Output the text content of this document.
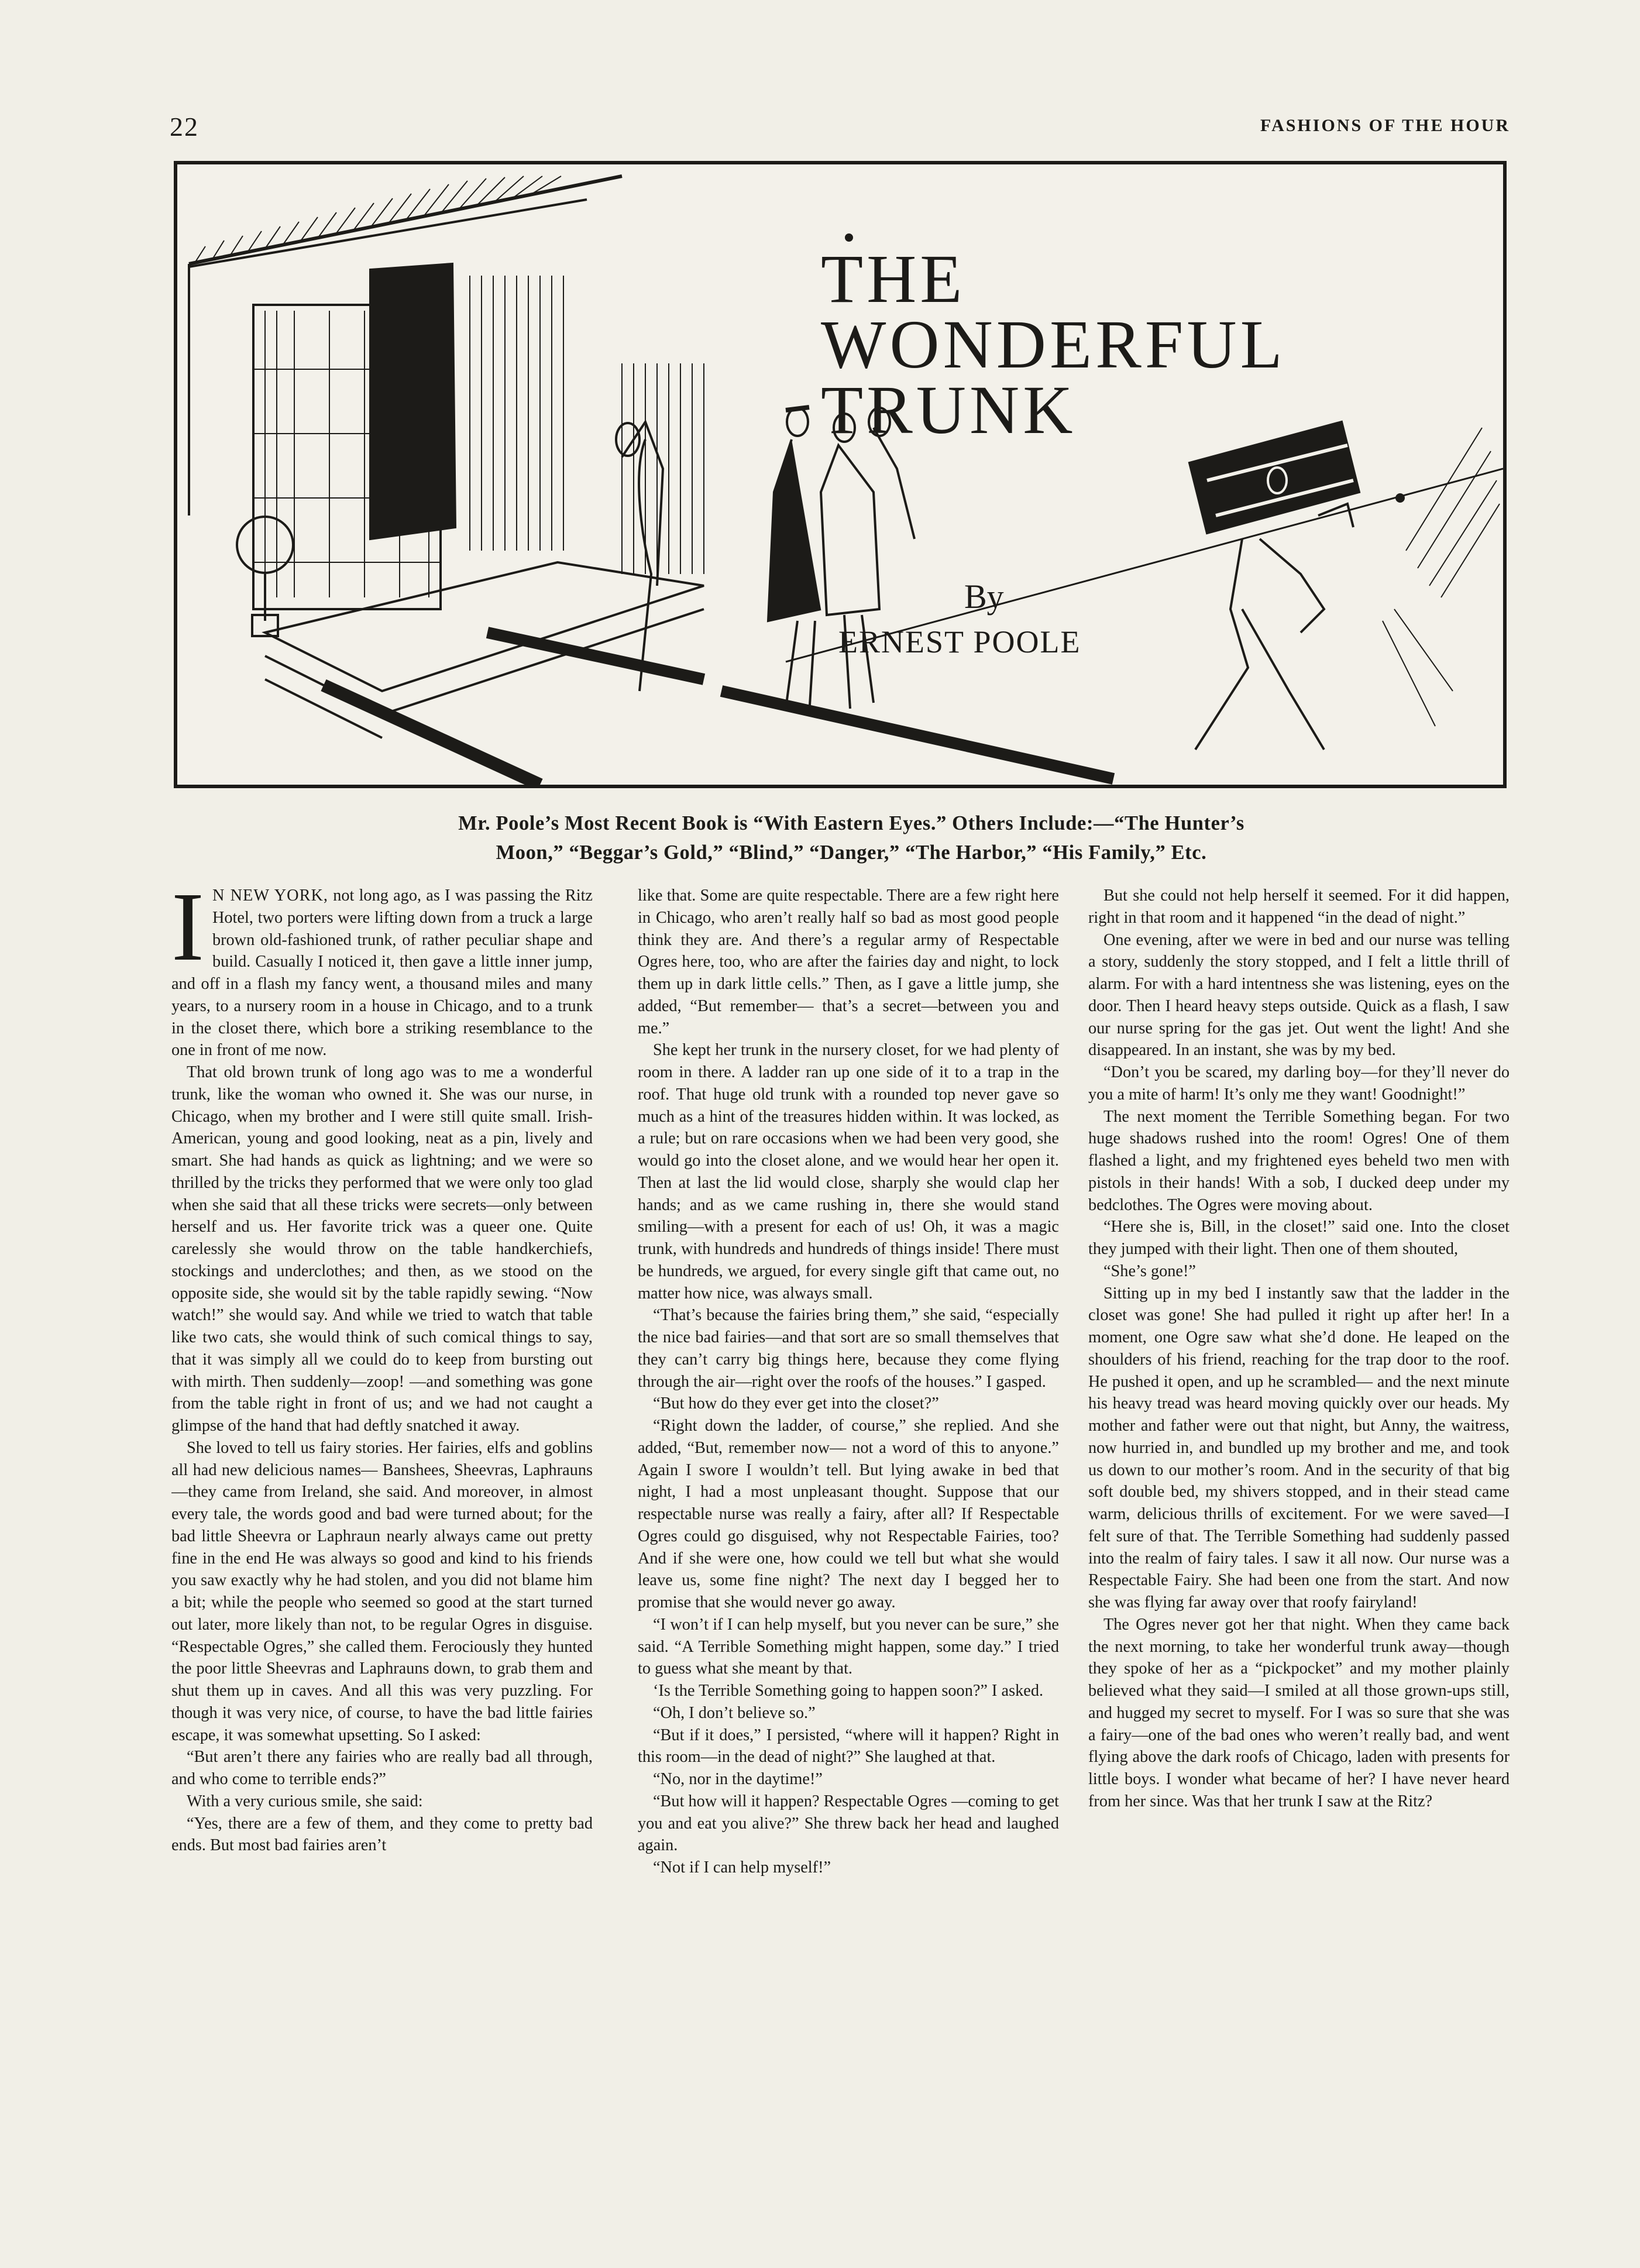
22	FASHIONS OF THE HOUR
THE
WONDERFUL
TRUNK
By
ERNEST POOLE
Mr. Poole’s Most Recent Book is “With Eastern Eyes.” Others Include:—“The Hunter’s
Moon,” “Beggar’s Gold,” “Blind,” “Danger,” “The Harbor,” “His Family,” Etc.

I N NEW YORK, not long ago, as I was passing the Ritz Hotel, two porters were lifting down from a truck a large brown old-fashioned trunk, of rather peculiar shape and build. Casually I noticed it, then gave a little inner jump, and off in a flash my fancy went, a thousand miles and many years, to a nursery room in a house in Chicago, and to a trunk in the closet there, which bore a striking resemblance to the one in front of me now.

That old brown trunk of long ago was to me a wonderful trunk, like the woman who owned it. She was our nurse, in Chicago, when my brother and I were still quite small. Irish-American, young and good looking, neat as a pin, lively and smart. She had hands as quick as lightning; and we were so thrilled by the tricks they performed that we were only too glad when she said that all these tricks were secrets—only between herself and us. Her favorite trick was a queer one. Quite carelessly she would throw on the table handkerchiefs, stockings and underclothes; and then, as we stood on the opposite side, she would sit by the table rapidly sewing. “Now watch!” she would say. And while we tried to watch that table like two cats, she would think of such comical things to say, that it was simply all we could do to keep from bursting out with mirth. Then suddenly—zoop! —and something was gone from the table right in front of us; and we had not caught a glimpse of the hand that had deftly snatched it away.

She loved to tell us fairy stories. Her fairies, elfs and goblins all had new delicious names— Banshees, Sheevras, Laphrauns—they came from Ireland, she said. And moreover, in almost every tale, the words good and bad were turned about; for the bad little Sheevra or Laphraun nearly always came out pretty fine in the end He was always so good and kind to his friends you saw exactly why he had stolen, and you did not blame him a bit; while the people who seemed so good at the start turned out later, more likely than not, to be regular Ogres in disguise. “Respectable Ogres,” she called them. Ferociously they hunted the poor little Sheevras and Laphrauns down, to grab them and shut them up in caves. And all this was very puzzling. For though it was very nice, of course, to have the bad little fairies escape, it was somewhat upsetting. So I asked:

“But aren’t there any fairies who are really bad all through, and who come to terrible ends?”

With a very curious smile, she said:

“Yes, there are a few of them, and they come to pretty bad ends. But most bad fairies aren’t

like that. Some are quite respectable. There are a few right here in Chicago, who aren’t really half so bad as most good people think they are. And there’s a regular army of Respectable Ogres here, too, who are after the fairies day and night, to lock them up in dark little cells.” Then, as I gave a little jump, she added, “But remember— that’s a secret—between you and me.”

She kept her trunk in the nursery closet, for we had plenty of room in there. A ladder ran up one side of it to a trap in the roof. That huge old trunk with a rounded top never gave so much as a hint of the treasures hidden within. It was locked, as a rule; but on rare occasions when we had been very good, she would go into the closet alone, and we would hear her open it. Then at last the lid would close, sharply she would clap her hands; and as we came rushing in, there she would stand smiling—with a present for each of us! Oh, it was a magic trunk, with hundreds and hundreds of things inside! There must be hundreds, we argued, for every single gift that came out, no matter how nice, was always small.

“That’s because the fairies bring them,” she said, “especially the nice bad fairies—and that sort are so small themselves that they can’t carry big things here, because they come flying through the air—right over the roofs of the houses.” I gasped.

“But how do they ever get into the closet?”

“Right down the ladder, of course,” she replied. And she added, “But, remember now— not a word of this to anyone.” Again I swore I wouldn’t tell. But lying awake in bed that night, I had a most unpleasant thought. Suppose that our respectable nurse was really a fairy, after all? If Respectable Ogres could go disguised, why not Respectable Fairies, too? And if she were one, how could we tell but what she would leave us, some fine night? The next day I begged her to promise that she would never go away.

“I won’t if I can help myself, but you never can be sure,” she said. “A Terrible Something might happen, some day.” I tried to guess what she meant by that.

‘Is the Terrible Something going to happen soon?” I asked.

“Oh, I don’t believe so.”

“But if it does,” I persisted, “where will it happen? Right in this room—in the dead of night?” She laughed at that.

“No, nor in the daytime!”

“But how will it happen? Respectable Ogres —coming to get you and eat you alive?” She threw back her head and laughed again.

“Not if I can help myself!”

But she could not help herself it seemed. For it did happen, right in that room and it happened “in the dead of night.”

One evening, after we were in bed and our nurse was telling a story, suddenly the story stopped, and I felt a little thrill of alarm. For with a hard intentness she was listening, eyes on the door. Then I heard heavy steps outside. Quick as a flash, I saw our nurse spring for the gas jet. Out went the light! And she disappeared. In an instant, she was by my bed.

“Don’t you be scared, my darling boy—for they’ll never do you a mite of harm! It’s only me they want! Goodnight!”

The next moment the Terrible Something began. For two huge shadows rushed into the room! Ogres! One of them flashed a light, and my frightened eyes beheld two men with pistols in their hands! With a sob, I ducked deep under my bedclothes. The Ogres were moving about.

“Here she is, Bill, in the closet!” said one. Into the closet they jumped with their light. Then one of them shouted,

“She’s gone!”

Sitting up in my bed I instantly saw that the ladder in the closet was gone! She had pulled it right up after her! In a moment, one Ogre saw what she’d done. He leaped on the shoulders of his friend, reaching for the trap door to the roof. He pushed it open, and up he scrambled— and the next minute his heavy tread was heard moving quickly over our heads. My mother and father were out that night, but Anny, the waitress, now hurried in, and bundled up my brother and me, and took us down to our mother’s room. And in the security of that big soft double bed, my shivers stopped, and in their stead came warm, delicious thrills of excitement. For we were saved—I felt sure of that. The Terrible Something had suddenly passed into the realm of fairy tales. I saw it all now. Our nurse was a Respectable Fairy. She had been one from the start. And now she was flying far away over that roofy fairyland!

The Ogres never got her that night. When they came back the next morning, to take her wonderful trunk away—though they spoke of her as a “pickpocket” and my mother plainly believed what they said—I smiled at all those grown-ups still, and hugged my secret to myself. For I was so sure that she was a fairy—one of the bad ones who weren’t really bad, and went flying above the dark roofs of Chicago, laden with presents for little boys. I wonder what became of her? I have never heard from her since. Was that her trunk I saw at the Ritz?
